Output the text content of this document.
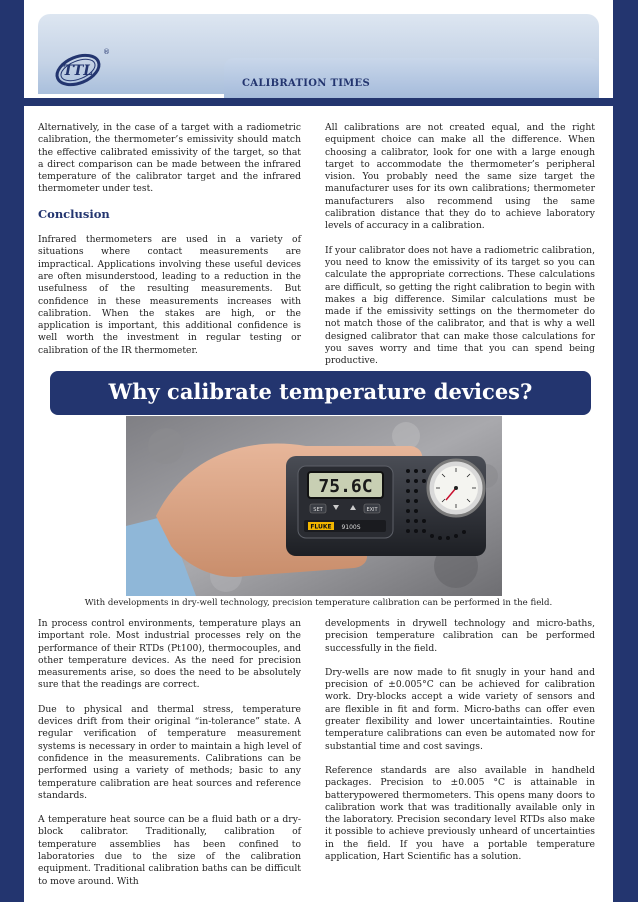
TTL
®
CALIBRATION TIMES

Alternatively, in the case of a target with a radiometric calibration, the thermometer’s emissivity should match the effective calibrated emissivity of the target, so that a direct comparison can be made between the infrared temperature of the calibrator target and the infrared thermometer under test.

Conclusion

Infrared thermometers are used in a variety of situations where contact measurements are impractical. Applications involving these useful devices are often misunderstood, leading to a reduction in the usefulness of the resulting measurements. But confidence in these measurements increases with calibration. When the stakes are high, or the application is important, this additional confidence is well worth the investment in regular testing or calibration of the IR thermometer.

All calibrations are not created equal, and the right equipment choice can make all the difference. When choosing a calibrator, look for one with a large enough target to accommodate the thermometer’s peripheral vision. You probably need the same size target the manufacturer uses for its own calibrations; thermometer manufacturers also recommend using the same calibration distance that they do to achieve laboratory levels of accuracy in a calibration.

If your calibrator does not have a radiometric calibration, you need to know the emissivity of its target so you can calculate the appropriate corrections. These calculations are difficult, so getting the right calibration to begin with makes a big difference. Similar calculations must be made if the emissivity settings on the thermometer do not match those of the calibrator, and that is why a well designed calibrator that can make those calculations for you saves worry and time that you can spend being productive.

Why calibrate temperature devices?
75.6C
SET	EXIT
FLUKE 9100S
With developments in dry-well technology, precision temperature calibration can be performed in the field.

In process control environments, temperature plays an important role. Most industrial processes rely on the performance of their RTDs (Pt100), thermocouples, and other temperature devices. As the need for precision measurements arise, so does the need to be absolutely sure that the readings are correct.

Due to physical and thermal stress, temperature devices drift from their original “in-tolerance” state. A regular verification of temperature measurement systems is necessary in order to maintain a high level of confidence in the measurements. Calibrations can be performed using a variety of methods; basic to any temperature calibration are heat sources and reference standards.

A temperature heat source can be a fluid bath or a dry-block calibrator. Traditionally, calibration of temperature assemblies has been confined to laboratories due to the size of the calibration equipment. Traditional calibration baths can be difficult to move around. With

developments in drywell technology and micro-baths, precision temperature calibration can be performed successfully in the field.

Dry-wells are now made to fit snugly in your hand and precision of ±0.005°C can be achieved for calibration work. Dry-blocks accept a wide variety of sensors and are flexible in fit and form. Micro-baths can offer even greater flexibility and lower uncertaintainties. Routine temperature calibrations can even be automated now for substantial time and cost savings.

Reference standards are also available in handheld packages. Precision to ±0.005 °C is attainable in batterypowered thermometers. This opens many doors to calibration work that was traditionally available only in the laboratory. Precision secondary level RTDs also make it possible to achieve previously unheard of uncertainties in the field. If you have a portable temperature application, Hart Scientific has a solution.
